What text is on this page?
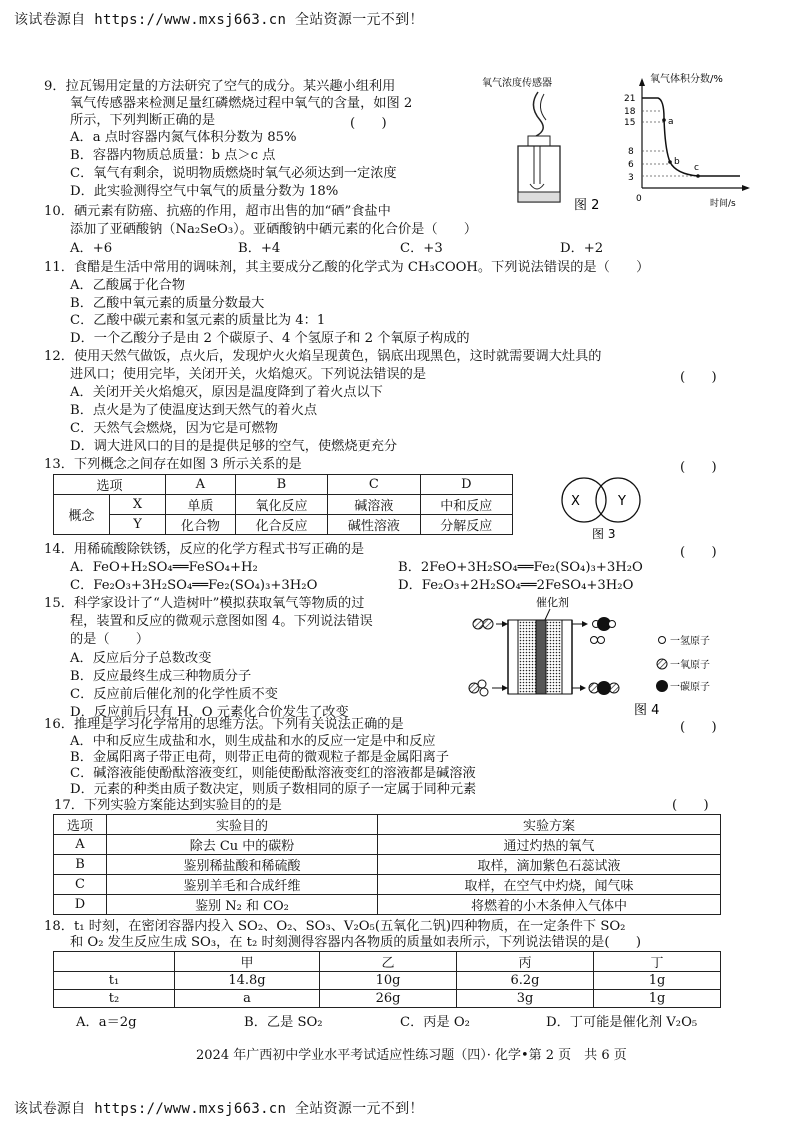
该试卷源自 https://www.mxsj663.cn 全站资源一元不到！
9．拉瓦锡用定量的方法研究了空气的成分。某兴趣小组利用
氧气传感器来检测足量红磷燃烧过程中氧气的含量，如图 2
所示，下列判断正确的是	(　　)
A．a 点时容器内氮气体积分数为 85%
B．容器内物质总质量：b 点＞c 点
C．氧气有剩余，说明物质燃烧时氧气必须达到一定浓度
D．此实验测得空气中氧气的质量分数为 18%
氧气浓度传感器
图 2
氧气体积分数/%
21
18
15
8
6
3
a
b
c
0	时间/s
10．硒元素有防癌、抗癌的作用，超市出售的加“硒”食盐中
添加了亚硒酸钠（Na₂SeO₃）。亚硒酸钠中硒元素的化合价是（　　）
A．+6	B．+4	C．+3	D．+2
11．食醋是生活中常用的调味剂，其主要成分乙酸的化学式为 CH₃COOH。下列说法错误的是（　　）
A．乙酸属于化合物
B．乙酸中氧元素的质量分数最大
C．乙酸中碳元素和氢元素的质量比为 4：1
D．一个乙酸分子是由 2 个碳原子、4 个氢原子和 2 个氧原子构成的
12．使用天然气做饭，点火后，发现炉火火焰呈现黄色，锅底出现黑色，这时就需要调大灶具的
进风口；使用完毕，关闭开关，火焰熄灭。下列说法错误的是	(　　)
A．关闭开关火焰熄灭，原因是温度降到了着火点以下
B．点火是为了使温度达到天然气的着火点
C．天然气会燃烧，因为它是可燃物
D．调大进风口的目的是提供足够的空气，使燃烧更充分
13．下列概念之间存在如图 3 所示关系的是	(　　)
选项		A	B	C	D
概念	X	单质	氧化反应	碱溶液	中和反应
	Y	化合物	化合反应	碱性溶液	分解反应
X	Y
图 3
14．用稀硫酸除铁锈，反应的化学方程式书写正确的是	(　　)
A．FeO+H₂SO₄══FeSO₄+H₂	B．2FeO+3H₂SO₄══Fe₂(SO₄)₃+3H₂O
C．Fe₂O₃+3H₂SO₄══Fe₂(SO₄)₃+3H₂O	D．Fe₂O₃+2H₂SO₄══2FeSO₄+3H₂O
15．科学家设计了“人造树叶”模拟获取氧气等物质的过
程，装置和反应的微观示意图如图 4。下列说法错误
的是（　　）
A．反应后分子总数改变
B．反应最终生成三种物质分子
C．反应前后催化剂的化学性质不变
D．反应前后只有 H、O 元素化合价发生了改变
催化剂
一氢原子
一氧原子
一碳原子
图 4
16．推理是学习化学常用的思维方法。下列有关说法正确的是	(　　)
A．中和反应生成盐和水，则生成盐和水的反应一定是中和反应
B．金属阳离子带正电荷，则带正电荷的微观粒子都是金属阳离子
C．碱溶液能使酚酞溶液变红，则能使酚酞溶液变红的溶液都是碱溶液
D．元素的种类由质子数决定，则质子数相同的原子一定属于同种元素
17．下列实验方案能达到实验目的的是	(　　)
选项	实验目的	实验方案
A	除去 Cu 中的碳粉	通过灼热的氧气
B	鉴别稀盐酸和稀硫酸	取样，滴加紫色石蕊试液
C	鉴别羊毛和合成纤维	取样，在空气中灼烧，闻气味
D	鉴别 N₂ 和 CO₂	将燃着的小木条伸入气体中
18．t₁ 时刻，在密闭容器内投入 SO₂、O₂、SO₃、V₂O₅(五氧化二钒)四种物质，在一定条件下 SO₂
和 O₂ 发生反应生成 SO₃，在 t₂ 时刻测得容器内各物质的质量如表所示，下列说法错误的是(　　)
	甲	乙	丙	丁
t₁	14.8g	10g	6.2g	1g
t₂	a	26g	3g	1g
A．a＝2g	B．乙是 SO₂	C．丙是 O₂	D．丁可能是催化剂 V₂O₅
2024 年广西初中学业水平考试适应性练习题（四）· 化学•第 2 页　共 6 页
该试卷源自 https://www.mxsj663.cn 全站资源一元不到！
